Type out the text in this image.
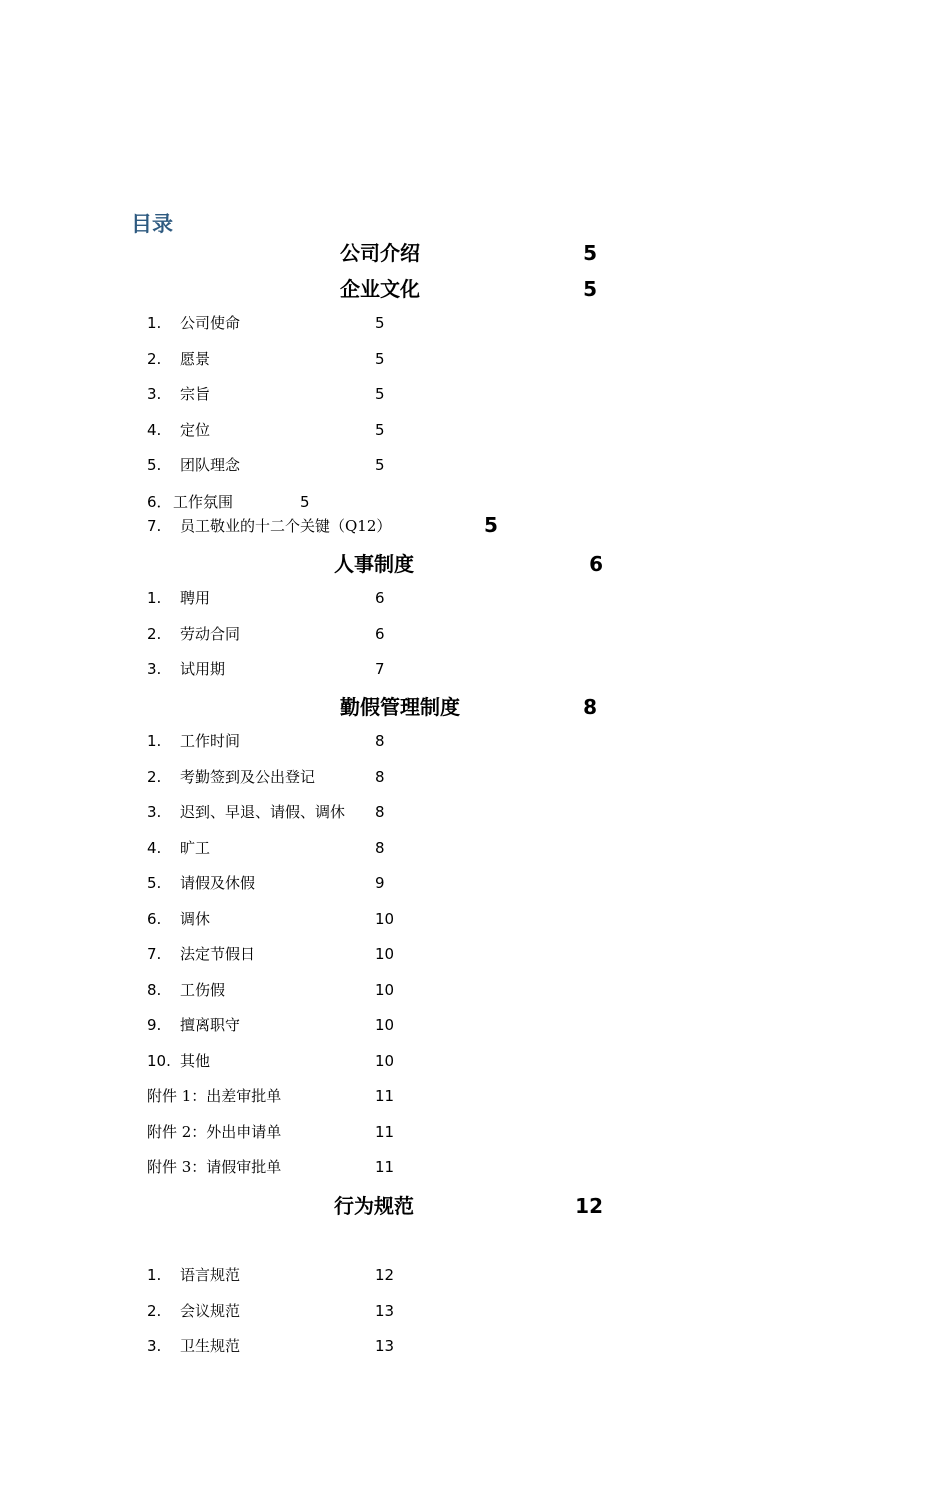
目录
公司介绍	5
企业文化	5
1. 公司使命	5
2. 愿景	5
3. 宗旨	5
4. 定位	5
5. 团队理念	5
6． 工作氛围	5
7. 员工敬业的十二个关键（Q12）	5
人事制度	6
1. 聘用	6
2. 劳动合同	6
3. 试用期	7
勤假管理制度	8
1. 工作时间	8
2. 考勤签到及公出登记	8
3. 迟到、早退、请假、调休 8
4. 旷工	8
5. 请假及休假	9
6. 调休	10
7. 法定节假日	10
8. 工伤假	10
9. 擅离职守	10
10. 其他	10
附件 1：出差审批单	11
附件 2：外出申请单	11
附件 3：请假审批单	11
行为规范	12
1. 语言规范	12
2. 会议规范	13
3. 卫生规范	13
